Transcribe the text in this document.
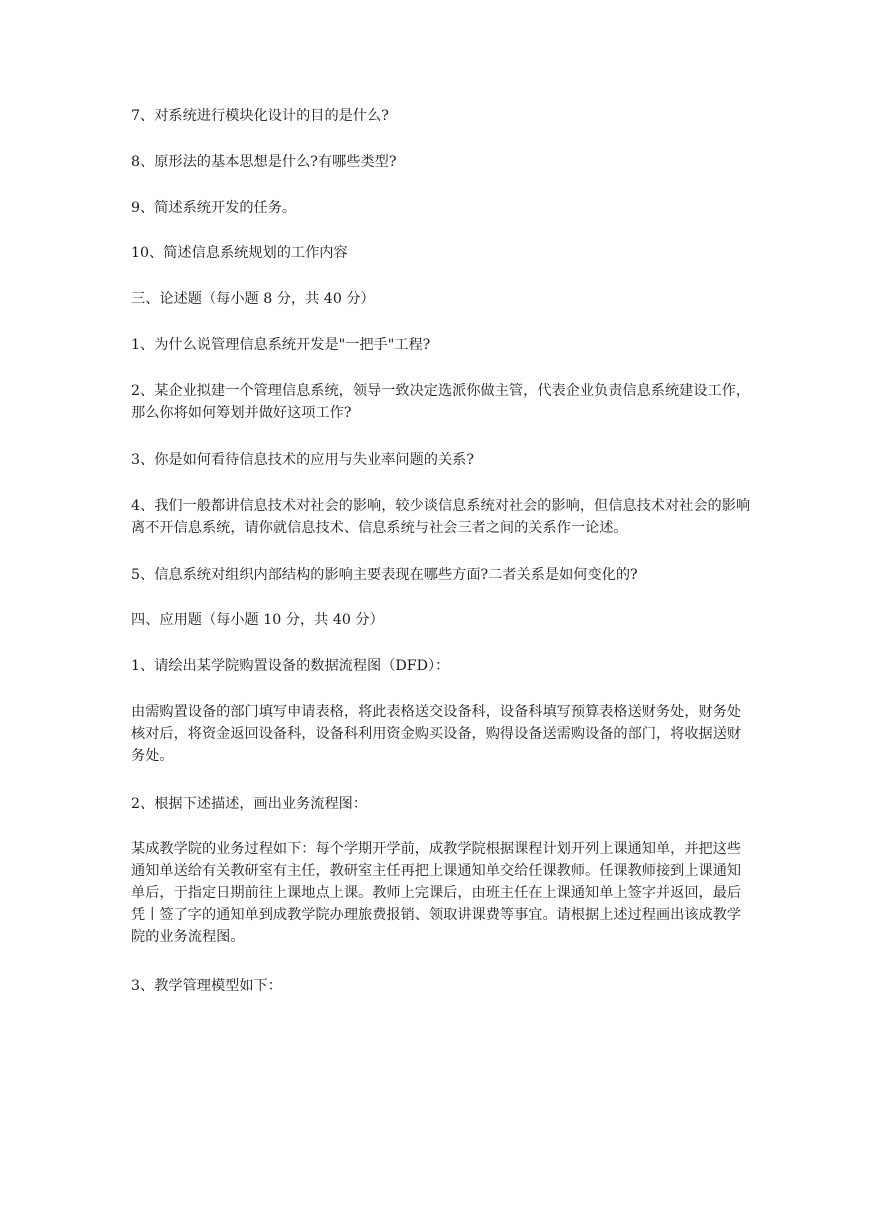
7、对系统进行模块化设计的目的是什么?

8、原形法的基本思想是什么?有哪些类型?

9、简述系统开发的任务。

10、简述信息系统规划的工作内容

三、论述题（每小题 8 分，共 40 分）

1、为什么说管理信息系统开发是"一把手"工程?

2、某企业拟建一个管理信息系统，领导一致决定选派你做主管，代表企业负责信息系统建设工作，那么你将如何筹划并做好这项工作?

3、你是如何看待信息技术的应用与失业率问题的关系?

4、我们一般都讲信息技术对社会的影响，较少谈信息系统对社会的影响，但信息技术对社会的影响离不开信息系统，请你就信息技术、信息系统与社会三者之间的关系作一论述。

5、信息系统对组织内部结构的影响主要表现在哪些方面?二者关系是如何变化的?

四、应用题（每小题 10 分，共 40 分）

1、请绘出某学院购置设备的数据流程图（DFD）：

由需购置设备的部门填写申请表格，将此表格送交设备科，设备科填写预算表格送财务处，财务处核对后，将资金返回设备科，设备科利用资金购买设备，购得设备送需购设备的部门，将收据送财务处。

2、根据下述描述，画出业务流程图：

某成教学院的业务过程如下：每个学期开学前，成教学院根据课程计划开列上课通知单，并把这些通知单送给有关教研室有主任，教研室主任再把上课通知单交给任课教师。任课教师接到上课通知单后，于指定日期前往上课地点上课。教师上完课后，由班主任在上课通知单上签字并返回，最后凭丨签了字的通知单到成教学院办理旅费报销、领取讲课费等事宜。请根据上述过程画出该成教学院的业务流程图。

3、教学管理模型如下：
